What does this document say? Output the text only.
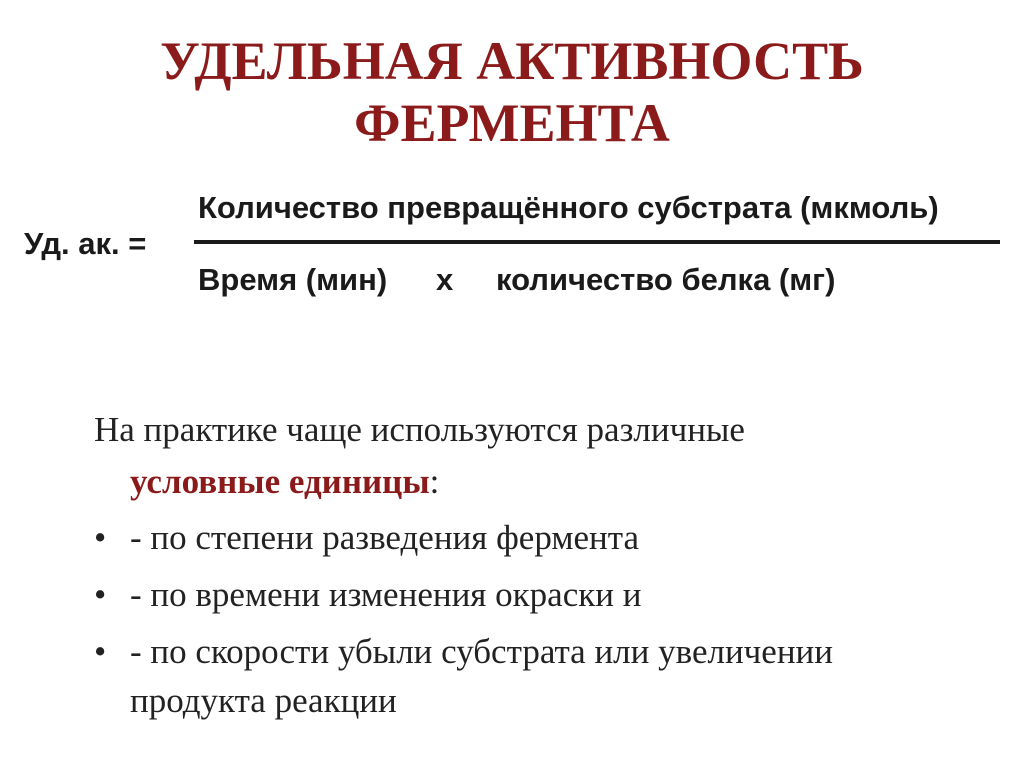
УДЕЛЬНАЯ АКТИВНОСТЬ
ФЕРМЕНТА
Уд. ак. =
Количество превращённого субстрата (мкмоль)
Время (мин) x количество белка (мг)
На практике чаще используются различные
условные единицы:
• - по степени разведения фермента
• - по времени изменения окраски и
• - по скорости убыли субстрата или увеличении
продукта реакции
